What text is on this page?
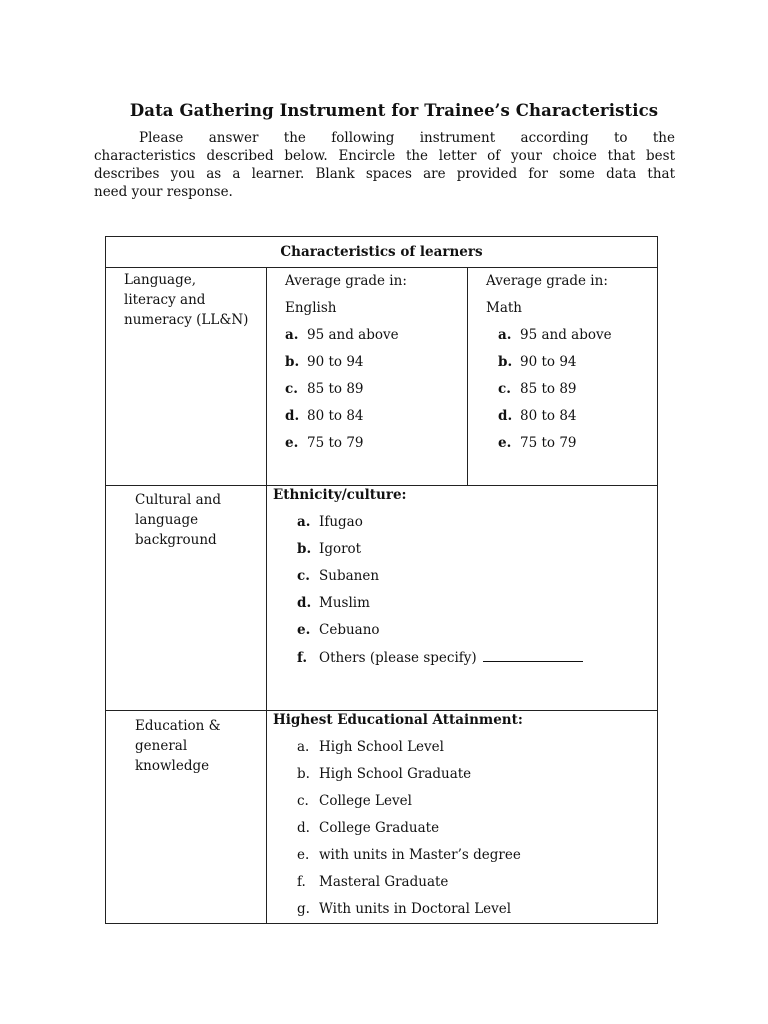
Data Gathering Instrument for Trainee’s Characteristics

Please answer the following instrument according to the

characteristics described below. Encircle the letter of your choice that best

describes you as a learner. Blank spaces are provided for some data that

need your response.

Characteristics of learners
Language,
literacy and
numeracy (LL&N)
Average grade in:
English
a. 95 and above
b. 90 to 94
c. 85 to 89
d. 80 to 84
e. 75 to 79
Average grade in:
Math
a. 95 and above
b. 90 to 94
c. 85 to 89
d. 80 to 84
e. 75 to 79
Cultural and
language
background
Ethnicity/culture:
a. Ifugao
b. Igorot
c. Subanen
d. Muslim
e. Cebuano
f. Others (please specify)
Education &
general
knowledge
Highest Educational Attainment:
a. High School Level
b. High School Graduate
c. College Level
d. College Graduate
e. with units in Master’s degree
f. Masteral Graduate
g. With units in Doctoral Level
